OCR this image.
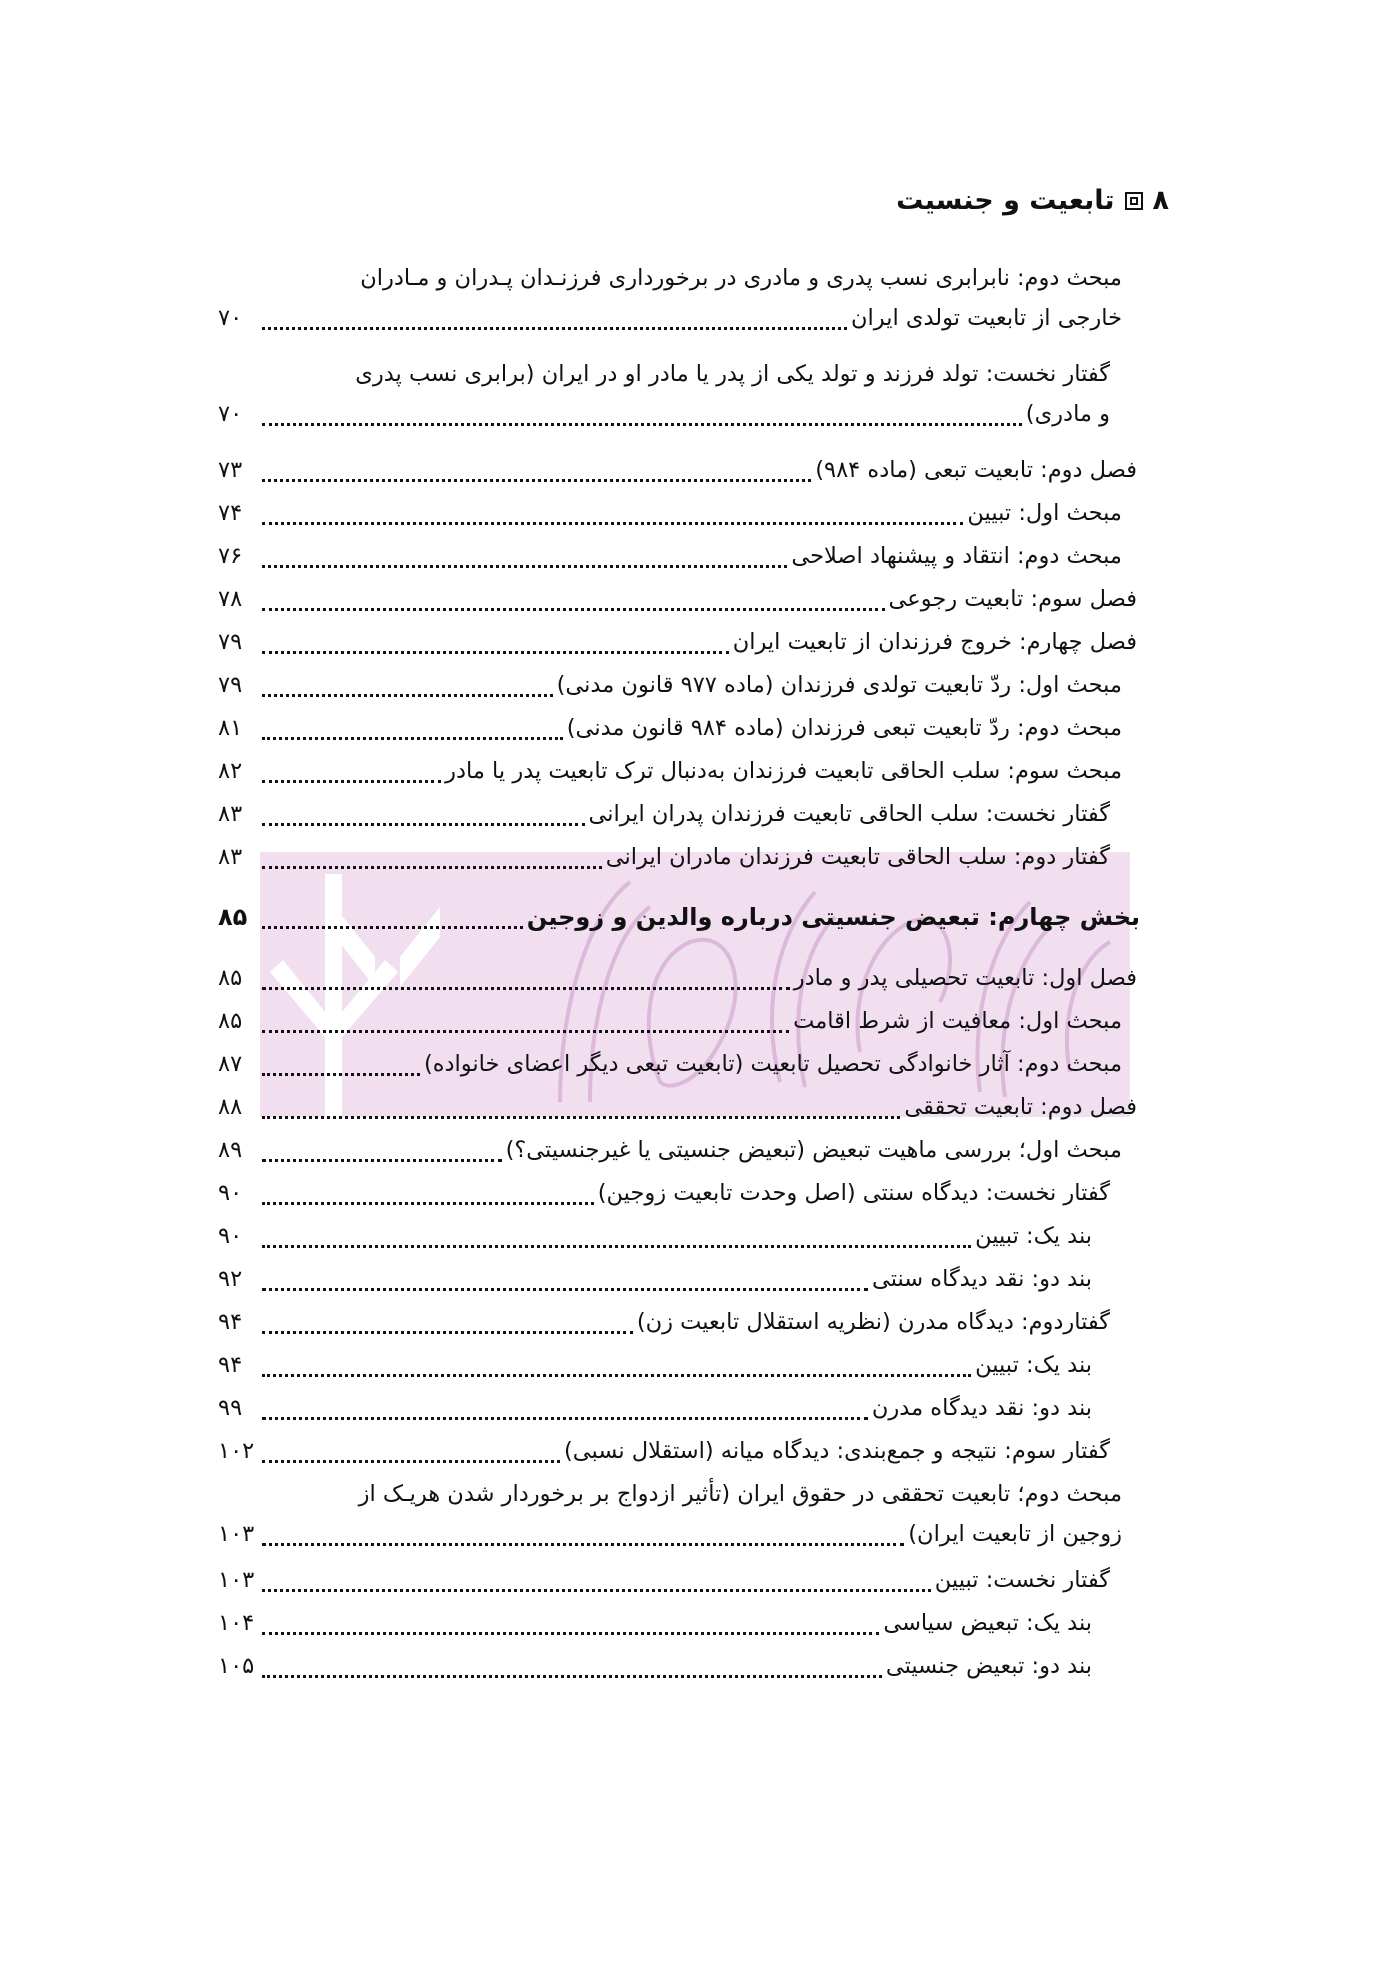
۸
تابعیت و جنسیت
مبحث دوم: نابرابری نسب پدری و مادری در برخورداری فرزنـدان پـدران و مـادران
خارجی از تابعیت تولدی ایران
۷۰
گفتار نخست: تولد فرزند و تولد یکی از پدر یا مادر او در ایران (برابری نسب پدری
و مادری)
۷۰
فصل دوم: تابعیت تبعی (ماده ۹۸۴)
۷۳
مبحث اول: تبیین
۷۴
مبحث دوم: انتقاد و پیشنهاد اصلاحی
۷۶
فصل سوم: تابعیت رجوعی
۷۸
فصل چهارم: خروج فرزندان از تابعیت ایران
۷۹
مبحث اول: ردّ تابعیت تولدی فرزندان (ماده ۹۷۷ قانون مدنی)
۷۹
مبحث دوم: ردّ تابعیت تبعی فرزندان (ماده ۹۸۴ قانون مدنی)
۸۱
مبحث سوم: سلب الحاقی تابعیت فرزندان به‌دنبال ترک تابعیت پدر یا مادر
۸۲
گفتار نخست: سلب الحاقی تابعیت فرزندان پدران ایرانی
۸۳
گفتار دوم: سلب الحاقی تابعیت فرزندان مادران ایرانی
۸۳
بخش چهارم: تبعیض جنسیتی درباره والدین و زوجین
۸۵
فصل اول: تابعیت تحصیلی پدر و مادر
۸۵
مبحث اول: معافیت از شرط اقامت
۸۵
مبحث دوم: آثار خانوادگی تحصیل تابعیت (تابعیت تبعی دیگر اعضای خانواده)
۸۷
فصل دوم: تابعیت تحققی
۸۸
مبحث اول؛ بررسی ماهیت تبعیض (تبعیض جنسیتی یا غیرجنسیتی؟)
۸۹
گفتار نخست: دیدگاه سنتی (اصل وحدت تابعیت زوجین)
۹۰
بند یک: تبیین
۹۰
بند دو: نقد دیدگاه سنتی
۹۲
گفتاردوم: دیدگاه مدرن (نظریه استقلال تابعیت زن)
۹۴
بند یک: تبیین
۹۴
بند دو: نقد دیدگاه مدرن
۹۹
گفتار سوم: نتیجه و جمع‌بندی: دیدگاه میانه (استقلال نسبی)
۱۰۲
مبحث دوم؛ تابعیت تحققی در حقوق ایران (تأثیر ازدواج بر برخوردار شدن هریـک از
زوجین از تابعیت ایران)
۱۰۳
گفتار نخست: تبیین
۱۰۳
بند یک: تبعیض سیاسی
۱۰۴
بند دو: تبعیض جنسیتی
۱۰۵
